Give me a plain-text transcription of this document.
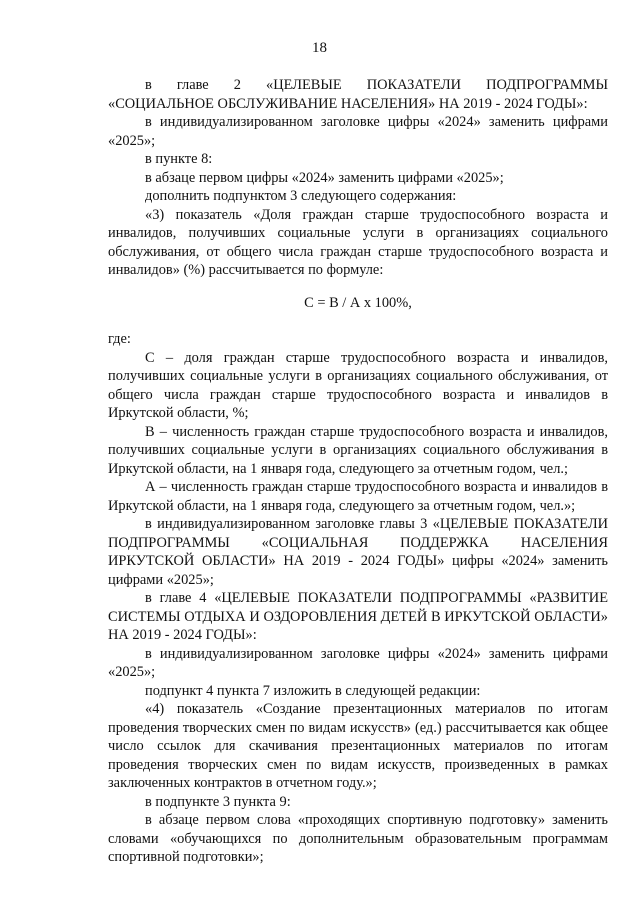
18

в главе 2 «ЦЕЛЕВЫЕ ПОКАЗАТЕЛИ ПОДПРОГРАММЫ «СОЦИАЛЬНОЕ ОБСЛУЖИВАНИЕ НАСЕЛЕНИЯ» НА 2019 - 2024 ГОДЫ»:

в индивидуализированном заголовке цифры «2024» заменить цифрами «2025»;

в пункте 8:

в абзаце первом цифры «2024» заменить цифрами «2025»;

дополнить подпунктом 3 следующего содержания:

«3) показатель «Доля граждан старше трудоспособного возраста и инвалидов, получивших социальные услуги в организациях социального обслуживания, от общего числа граждан старше трудоспособного возраста и инвалидов» (%) рассчитывается по формуле:

С = В / А х 100%,

где:

С – доля граждан старше трудоспособного возраста и инвалидов, получивших социальные услуги в организациях социального обслуживания, от общего числа граждан старше трудоспособного возраста и инвалидов в Иркутской области, %;

В – численность граждан старше трудоспособного возраста и инвалидов, получивших социальные услуги в организациях социального обслуживания в Иркутской области, на 1 января года, следующего за отчетным годом, чел.;

А – численность граждан старше трудоспособного возраста и инвалидов в Иркутской области, на 1 января года, следующего за отчетным годом, чел.»;

в индивидуализированном заголовке главы 3 «ЦЕЛЕВЫЕ ПОКАЗАТЕЛИ ПОДПРОГРАММЫ «СОЦИАЛЬНАЯ ПОДДЕРЖКА НАСЕЛЕНИЯ ИРКУТСКОЙ ОБЛАСТИ» НА 2019 - 2024 ГОДЫ» цифры «2024» заменить цифрами «2025»;

в главе 4 «ЦЕЛЕВЫЕ ПОКАЗАТЕЛИ ПОДПРОГРАММЫ «РАЗВИТИЕ СИСТЕМЫ ОТДЫХА И ОЗДОРОВЛЕНИЯ ДЕТЕЙ В ИРКУТСКОЙ ОБЛАСТИ» НА 2019 - 2024 ГОДЫ»:

в индивидуализированном заголовке цифры «2024» заменить цифрами «2025»;

подпункт 4 пункта 7 изложить в следующей редакции:

«4) показатель «Создание презентационных материалов по итогам проведения творческих смен по видам искусств» (ед.) рассчитывается как общее число ссылок для скачивания презентационных материалов по итогам проведения творческих смен по видам искусств, произведенных в рамках заключенных контрактов в отчетном году.»;

в подпункте 3 пункта 9:

в абзаце первом слова «проходящих спортивную подготовку» заменить словами «обучающихся по дополнительным образовательным программам спортивной подготовки»;
